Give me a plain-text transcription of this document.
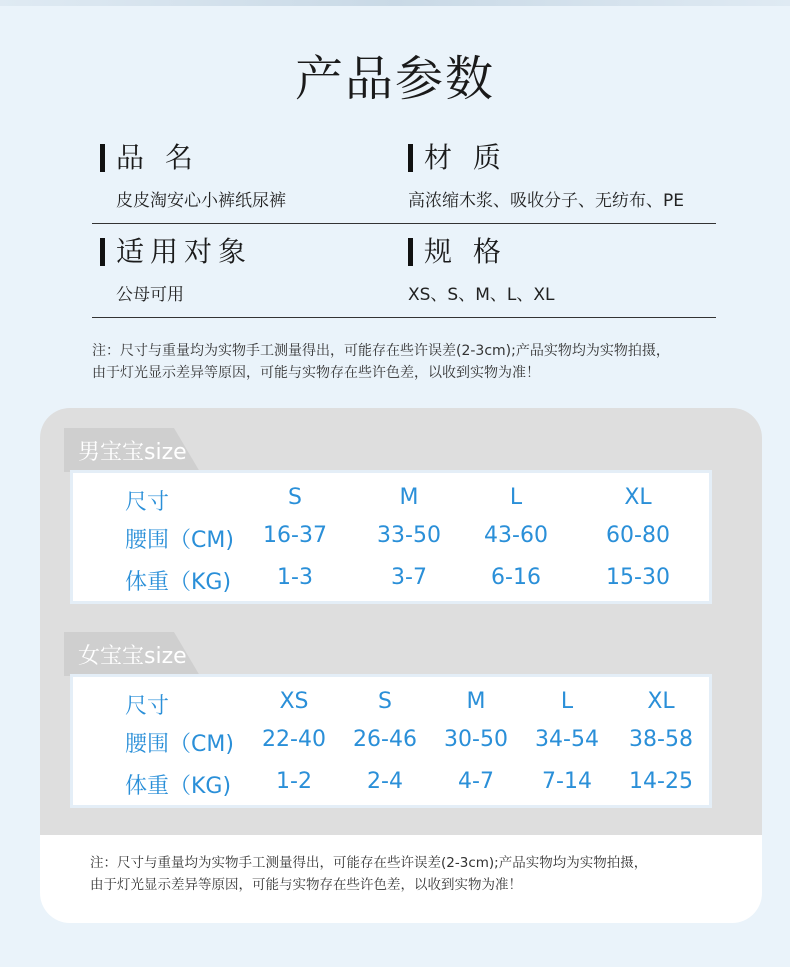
产品参数
品 名
皮皮淘安心小裤纸尿裤
材 质
高浓缩木浆、吸收分子、无纺布、PE
适用对象
公母可用
规 格
XS、S、M、L、XL
注：尺寸与重量均为实物手工测量得出，可能存在些许误差(2-3cm);产品实物均为实物拍摄，
由于灯光显示差异等原因，可能与实物存在些许色差，以收到实物为准！
男宝宝size
尺寸
腰围（CM)
体重（KG)
S
16-37
1-3
M
33-50
3-7
L
43-60
6-16
XL
60-80
15-30
女宝宝size
尺寸
腰围（CM)
体重（KG)
XS
22-40
1-2
S
26-46
2-4
M
30-50
4-7
L
34-54
7-14
XL
38-58
14-25
注：尺寸与重量均为实物手工测量得出，可能存在些许误差(2-3cm);产品实物均为实物拍摄，
由于灯光显示差异等原因，可能与实物存在些许色差，以收到实物为准！
